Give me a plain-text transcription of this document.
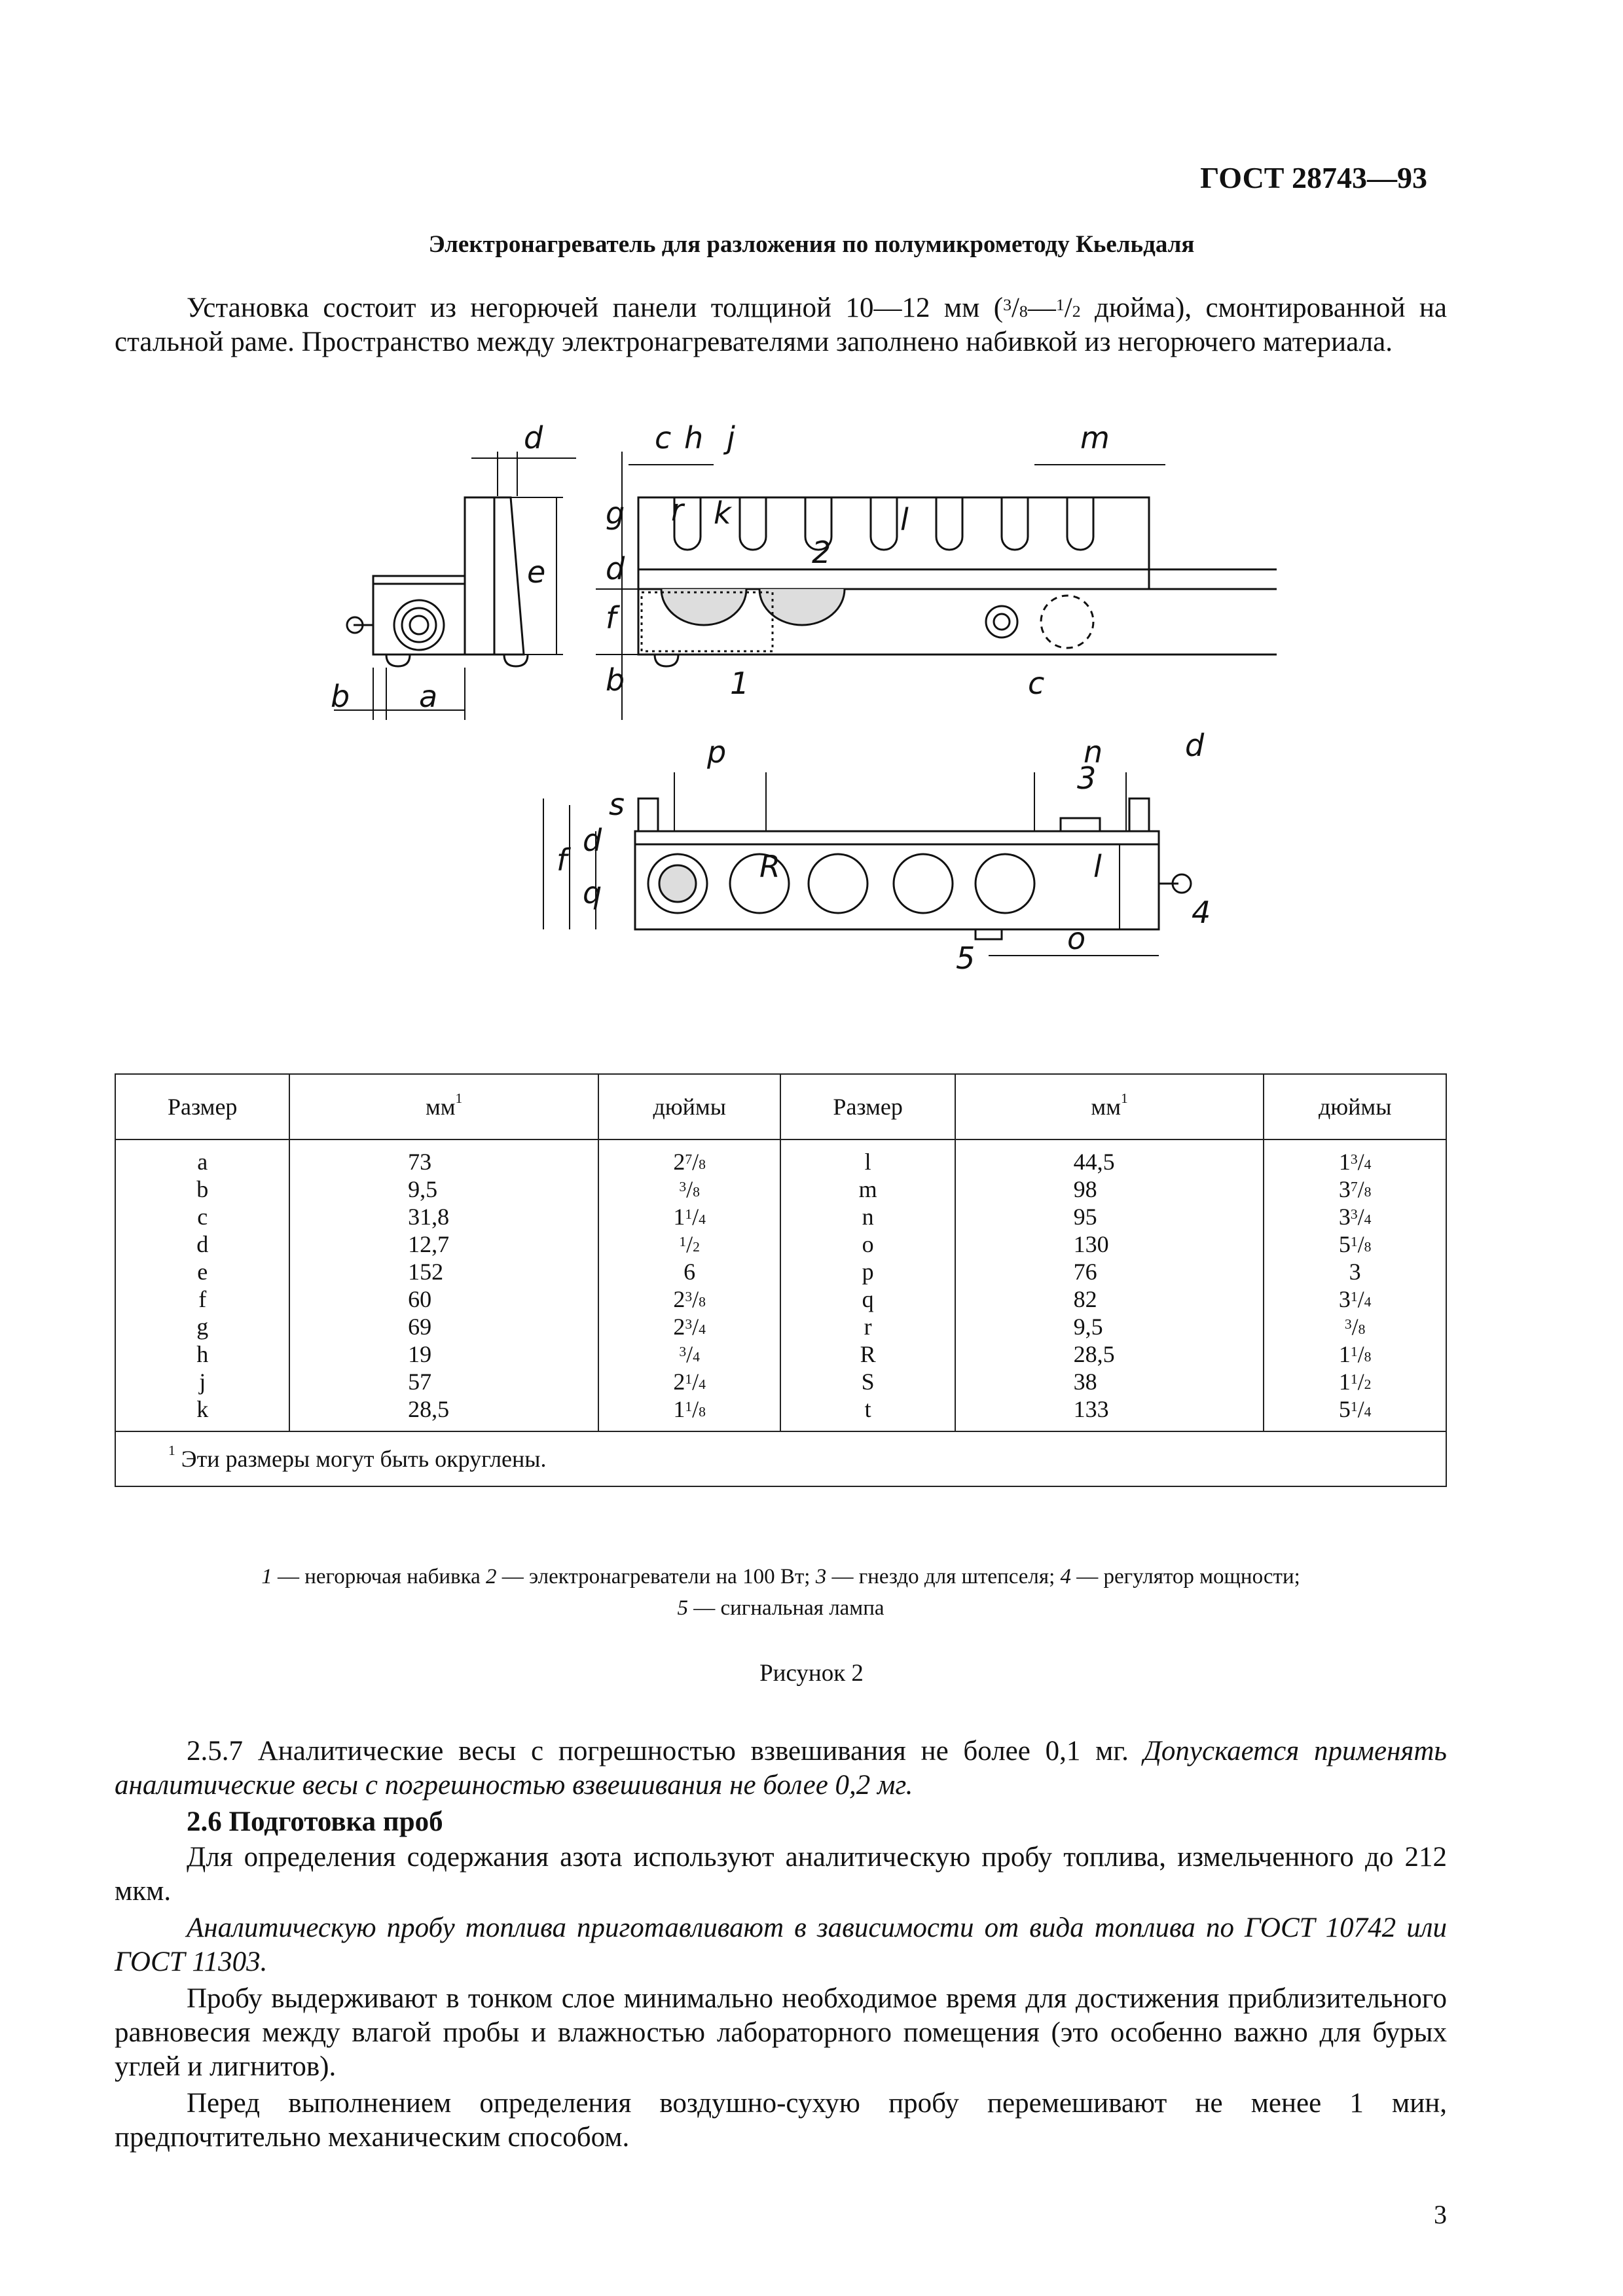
ГОСТ 28743—93
Электронагреватель для разложения по полумикрометоду Кьельдаля
Установка состоит из негорючей панели толщиной 10—12 мм ($^3/_8—^1/_2$ дюйма), смонтированной на стальной раме. Пространство между электронагревателями заполнено набивкой из негорючего материала.
d
e
a
b
c h j	m
g	k	l
r
2
d
f
b	1	c
p	n	d
3
s
f
d
q
R	l
4
5
o
Размер	$мм^1$	дюймы	Размер	$мм^1$	дюймы
a	73	$2^7/_8$	l	44,5	$1^3/_4$
b	9,5	$^3/_8$	m	98	$3^7/_8$
c	31,8	$1^1/_4$	n	95	$3^3/_4$
d	12,7	$^1/_2$	o	130	$5^1/_8$
e	152	6	p	76	3
f	60	$2^3/_8$	q	82	$3^1/_4$
g	69	$2^3/_4$	r	9,5	$^3/_8$
h	19	$^3/_4$	R	28,5	$1^1/_8$
j	57	$2^1/_4$	S	38	$1^1/_2$
k	28,5	$1^1/_8$	t	133	$5^1/_4$
$^1$ Эти размеры могут быть округлены.					
1 — негорючая набивка 2 — электронагреватели на 100 Вт; 3 — гнездо для штепселя; 4 — регулятор мощности;
5 — сигнальная лампа
Рисунок 2
2.5.7 Аналитические весы с погрешностью взвешивания не более 0,1 мг. Допускается применять аналитические весы с погрешностью взвешивания не более 0,2 мг.
2.6 Подготовка проб
Для определения содержания азота используют аналитическую пробу топлива, измельченного до 212 мкм.
Аналитическую пробу топлива приготавливают в зависимости от вида топлива по ГОСТ 10742 или ГОСТ 11303.
Пробу выдерживают в тонком слое минимально необходимое время для достижения приблизительного равновесия между влагой пробы и влажностью лабораторного помещения (это особенно важно для бурых углей и лигнитов).
Перед выполнением определения воздушно-сухую пробу перемешивают не менее 1 мин, предпочтительно механическим способом.
3
